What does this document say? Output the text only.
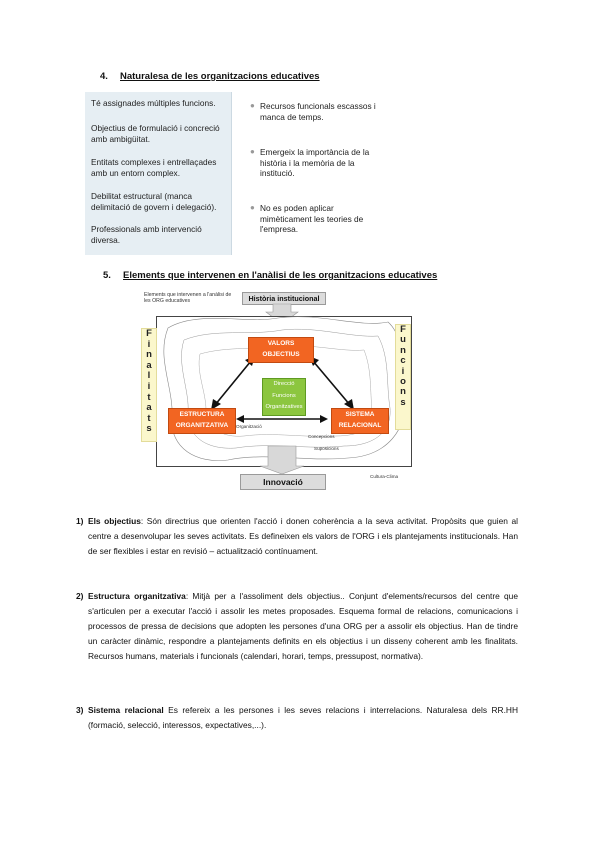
4. Naturalesa de les organitzacions educatives
Té assignades múltiples funcions.
Objectius de formulació i concreció amb ambigüitat.
Entitats complexes i entrellaçades amb un entorn complex.
Debilitat estructural (manca delimitació de govern i delegació).
Professionals amb intervenció diversa.
● Recursos funcionals escassos i manca de temps.
● Emergeix la importància de la història i la memòria de la institució.
● No es poden aplicar mimèticament les teories de l'empresa.
5. Elements que intervenen en l'anàlisi de les organitzacions educatives
Elements que intervenen a l'anàlisi de les ORG educatives	Història institucional
F
i
n
a
l
i
t
a
t
s
F
u
n
c
i
o
n
s
VALORS
OBJECTIUS
Direcció
Funcions
Organitzatives
ESTRUCTURA
ORGANITZATIVA
SISTEMA
RELACIONAL
Organització
Concepcions
Suposicions
Cultura-Clima
Innovació
1) Els objectius: Són directrius que orienten l'acció i donen coherència a la seva activitat. Propòsits que guien al centre a desenvolupar les seves activitats. Es defineixen els valors de l'ORG i els plantejaments institucionals. Han de ser flexibles i estar en revisió – actualització contínuament.
2) Estructura organitzativa: Mitjà per a l'assoliment dels objectius.. Conjunt d'elements/recursos del centre que s'articulen per a executar l'acció i assolir les metes proposades. Esquema formal de relacions, comunicacions i processos de pressa de decisions que adopten les persones d'una ORG per a assolir els objectius. Han de tindre un caràcter dinàmic, respondre a plantejaments definits en els objectius i un disseny coherent amb les finalitats. Recursos humans, materials i funcionals (calendari, horari, temps, pressupost, normativa).
3) Sistema relacional Es refereix a les persones i les seves relacions i interrelacions. Naturalesa dels RR.HH (formació, selecció, interessos, expectatives,...).
